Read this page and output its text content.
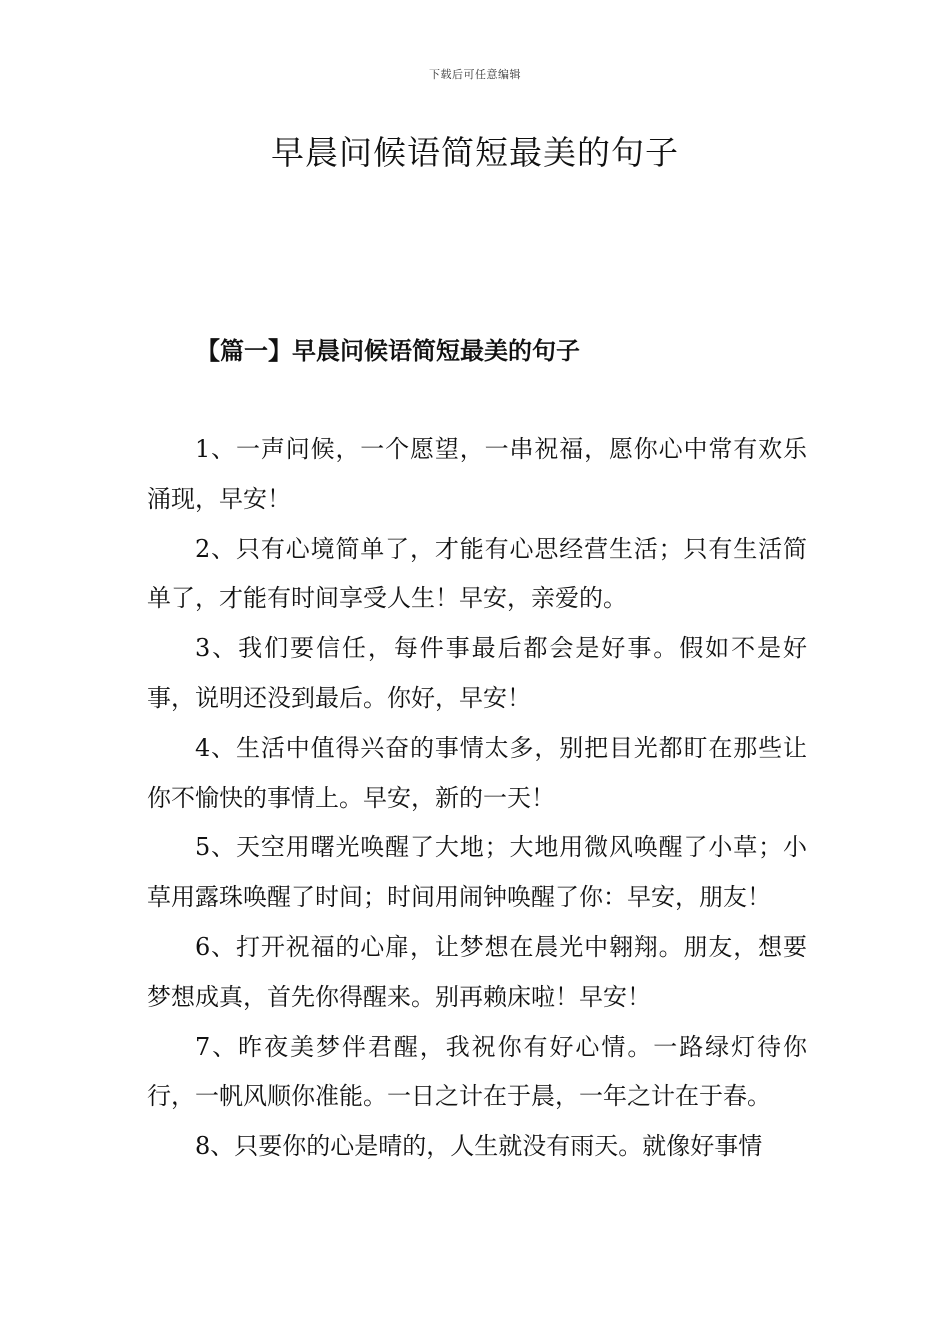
下载后可任意编辑
早晨问候语简短最美的句子
【篇一】早晨问候语简短最美的句子

1、一声问候，一个愿望，一串祝福，愿你心中常有欢乐涌现，早安！

2、只有心境简单了，才能有心思经营生活；只有生活简单了，才能有时间享受人生！早安，亲爱的。

3、我们要信任，每件事最后都会是好事。假如不是好事，说明还没到最后。你好，早安！

4、生活中值得兴奋的事情太多，别把目光都盯在那些让你不愉快的事情上。早安，新的一天！

5、天空用曙光唤醒了大地；大地用微风唤醒了小草；小草用露珠唤醒了时间；时间用闹钟唤醒了你：早安，朋友！

6、打开祝福的心扉，让梦想在晨光中翱翔。朋友，想要梦想成真，首先你得醒来。别再赖床啦！早安！

7、昨夜美梦伴君醒，我祝你有好心情。一路绿灯待你行，一帆风顺你准能。一日之计在于晨，一年之计在于春。

8、只要你的心是晴的，人生就没有雨天。就像好事情
